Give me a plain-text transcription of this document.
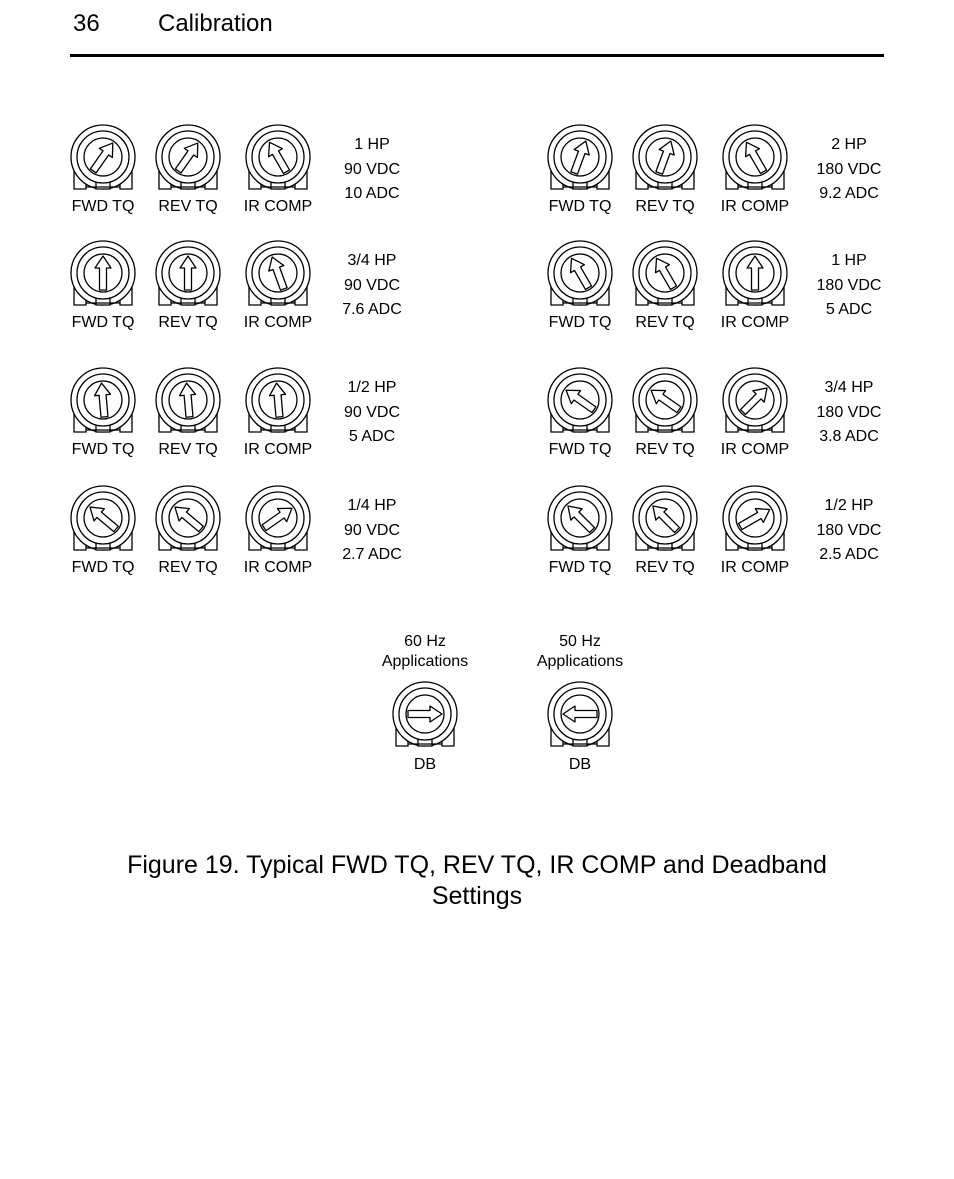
36 Calibration
FWD TQ	REV TQ	IR COMP
1 HP
90 VDC
10 ADC
FWD TQ	REV TQ	IR COMP
2 HP
180 VDC
9.2 ADC
FWD TQ	REV TQ	IR COMP
3/4 HP
90 VDC
7.6 ADC
FWD TQ	REV TQ	IR COMP
1 HP
180 VDC
5 ADC
FWD TQ	REV TQ	IR COMP
1/2 HP
90 VDC
5 ADC
FWD TQ	REV TQ	IR COMP
3/4 HP
180 VDC
3.8 ADC
FWD TQ	REV TQ	IR COMP
1/4 HP
90 VDC
2.7 ADC
FWD TQ	REV TQ	IR COMP
1/2 HP
180 VDC
2.5 ADC
60 Hz
Applications
DB
50 Hz
Applications
DB
Figure 19. Typical FWD TQ, REV TQ, IR COMP and Deadband
Settings
